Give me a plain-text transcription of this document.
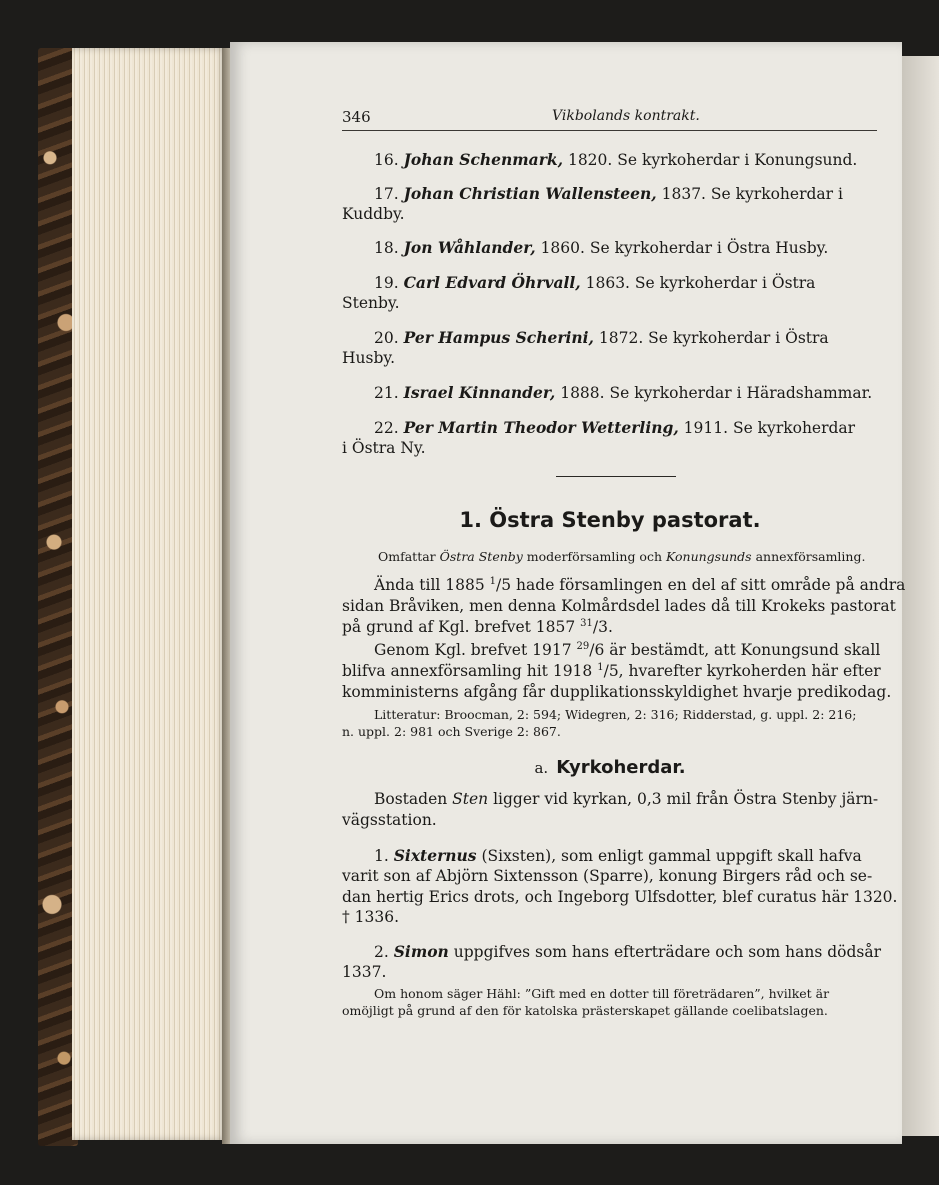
346	Vikbolands kontrakt.
16. Johan Schenmark, 1820. Se kyrkoherdar i Konungsund.
17. Johan Christian Wallensteen, 1837. Se kyrkoherdar i
Kuddby.
18. Jon Wåhlander, 1860. Se kyrkoherdar i Östra Husby.
19. Carl Edvard Öhrvall, 1863. Se kyrkoherdar i Östra
Stenby.
20. Per Hampus Scherini, 1872. Se kyrkoherdar i Östra
Husby.
21. Israel Kinnander, 1888. Se kyrkoherdar i Häradshammar.
22. Per Martin Theodor Wetterling, 1911. Se kyrkoherdar
i Östra Ny.
1. Östra Stenby pastorat.
Omfattar Östra Stenby moderförsamling och Konungsunds annexförsamling.
Ända till 1885 $^1$/5 hade församlingen en del af sitt område på andra
sidan Bråviken, men denna Kolmårdsdel lades då till Krokeks pastorat
på grund af Kgl. brefvet 1857 $^{31}$/3.
Genom Kgl. brefvet 1917 $^{29}$/6 är bestämdt, att Konungsund skall
blifva annexförsamling hit 1918 $^1$/5, hvarefter kyrkoherden här efter
komministerns afgång får dupplikationsskyldighet hvarje predikodag.
Litteratur: Broocman, 2: 594; Widegren, 2: 316; Ridderstad, g. uppl. 2: 216;
n. uppl. 2: 981 och Sverige 2: 867.
a. Kyrkoherdar.
Bostaden Sten ligger vid kyrkan, 0,3 mil från Östra Stenby järn-
vägsstation.
1. Sixternus (Sixsten), som enligt gammal uppgift skall hafva
varit son af Abjörn Sixtensson (Sparre), konung Birgers råd och se-
dan hertig Erics drots, och Ingeborg Ulfsdotter, blef curatus här 1320.
† 1336.
2. Simon uppgifves som hans efterträdare och som hans dödsår
1337.
Om honom säger Hähl: ”Gift med en dotter till företrädaren”, hvilket är
omöjligt på grund af den för katolska prästerskapet gällande coelibatslagen.
